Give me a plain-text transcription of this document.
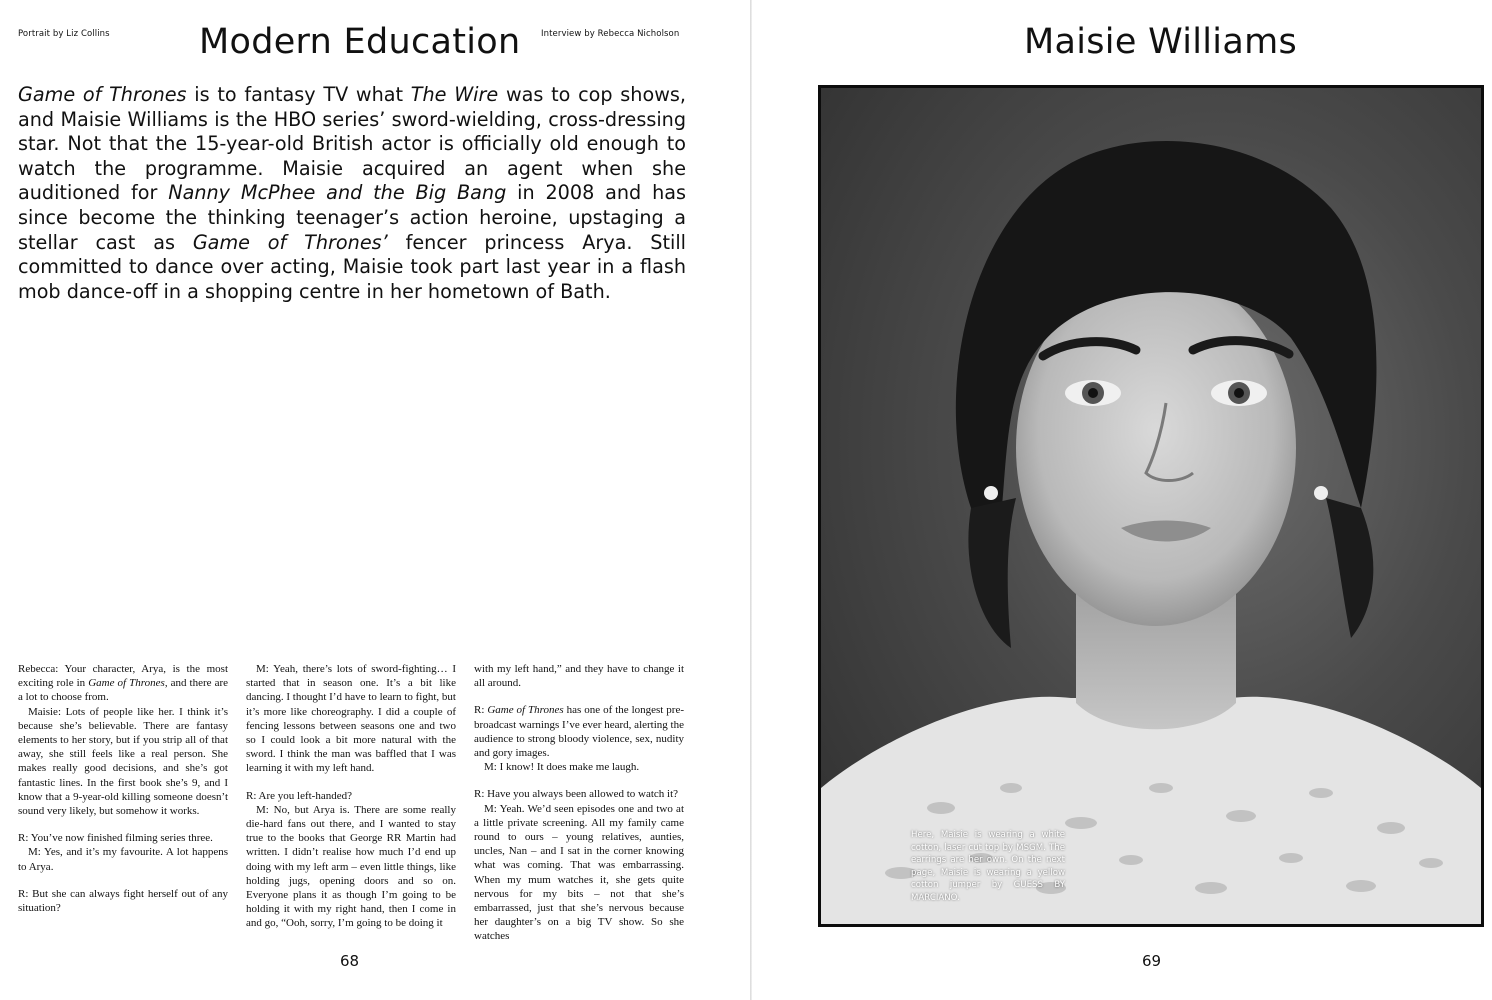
Portrait by Liz Collins	Modern Education Interview by Rebecca Nicholson

Game of Thrones is to fantasy TV what The Wire was to cop shows, and Maisie Williams is the HBO series’ sword-wielding, cross-dressing star. Not that the 15-year-old British actor is officially old enough to watch the programme. Maisie acquired an agent when she auditioned for Nanny McPhee and the Big Bang in 2008 and has since become the thinking teenager’s action heroine, upstaging a stellar cast as Game of Thrones’ fencer princess Arya. Still committed to dance over acting, Maisie took part last year in a flash mob dance-off in a shopping centre in her hometown of Bath.

Rebecca: Your character, Arya, is the most exciting role in Game of Thrones, and there are a lot to choose from.

Maisie: Lots of people like her. I think it’s because she’s believable. There are fantasy elements to her story, but if you strip all of that away, she still feels like a real person. She makes really good decisions, and she’s got fantastic lines. In the first book she’s 9, and I know that a 9-year-old killing someone doesn’t sound very likely, but somehow it works.

R: You’ve now finished filming series three.

M: Yes, and it’s my favourite. A lot happens to Arya.

R: But she can always fight herself out of any situation?

M: Yeah, there’s lots of sword-fighting… I started that in season one. It’s a bit like dancing. I thought I’d have to learn to fight, but it’s more like choreography. I did a couple of fencing lessons between seasons one and two so I could look a bit more natural with the sword. I think the man was baffled that I was learning it with my left hand.

R: Are you left-handed?

M: No, but Arya is. There are some really die-hard fans out there, and I wanted to stay true to the books that George RR Martin had written. I didn’t realise how much I’d end up doing with my left arm – even little things, like holding jugs, opening doors and so on. Everyone plans it as though I’m going to be holding it with my right hand, then I come in and go, “Ooh, sorry, I’m going to be doing it

with my left hand,” and they have to change it all around.

R: Game of Thrones has one of the longest pre-broadcast warnings I’ve ever heard, alerting the audience to strong bloody violence, sex, nudity and gory images.

M: I know! It does make me laugh.

R: Have you always been allowed to watch it?

M: Yeah. We’d seen episodes one and two at a little private screening. All my family came round to ours – young relatives, aunties, uncles, Nan – and I sat in the corner knowing what was coming. That was embarrassing. When my mum watches it, she gets quite nervous for my bits – not that she’s embarrassed, just that she’s nervous because her daughter’s on a big TV show. So she watches

68
Maisie Williams

Here, Maisie is wearing a white cotton, laser cut top by MSGM. The earrings are her own. On the next page, Maisie is wearing a yellow cotton jumper by GUESS BY MARCIANO.

69
